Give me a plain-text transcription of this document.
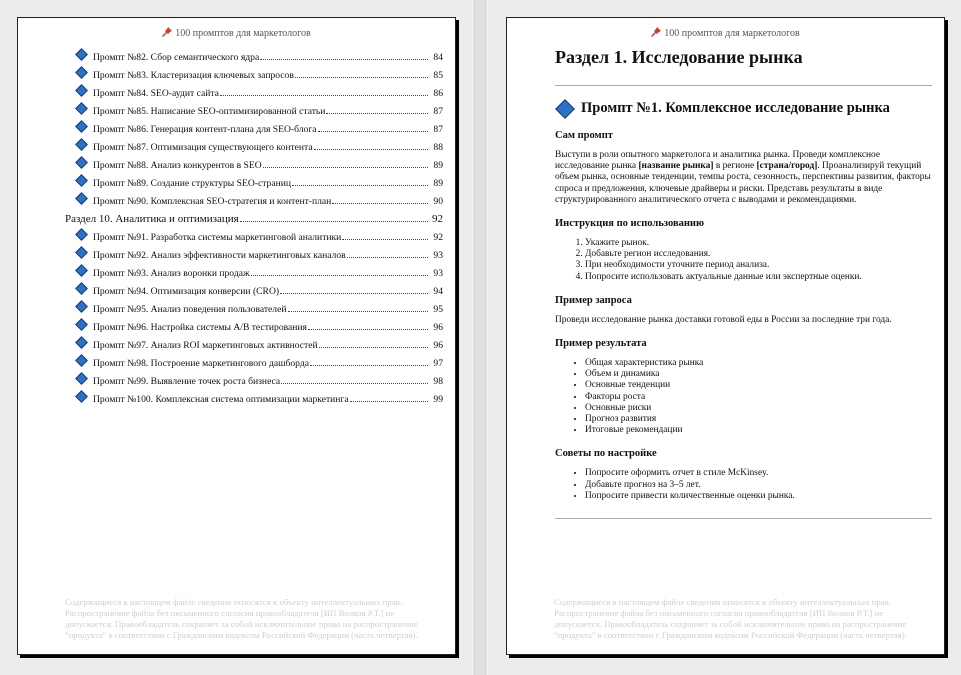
100 промптов для маркетологов
Промпт №82. Сбор семантического ядра	84
Промпт №83. Кластеризация ключевых запросов	85
Промпт №84. SEO-аудит сайта	86
Промпт №85. Написание SEO-оптимизированной статьи	87
Промпт №86. Генерация контент-плана для SEO-блога	87
Промпт №87. Оптимизация существующего контента	88
Промпт №88. Анализ конкурентов в SEO	89
Промпт №89. Создание структуры SEO-страниц	89
Промпт №90. Комплексная SEO-стратегия и контент-план	90
Раздел 10. Аналитика и оптимизация	92
Промпт №91. Разработка системы маркетинговой аналитики	92
Промпт №92. Анализ эффективности маркетинговых каналов	93
Промпт №93. Анализ воронки продаж	93
Промпт №94. Оптимизация конверсии (CRO)	94
Промпт №95. Анализ поведения пользователей	95
Промпт №96. Настройка системы A/B тестирования	96
Промпт №97. Анализ ROI маркетинговых активностей	96
Промпт №98. Построение маркетингового дашборда	97
Промпт №99. Выявление точек роста бизнеса	98
Промпт №100. Комплексная система оптимизации маркетинга	99
Содержащиеся в настоящем файле сведения относятся к объекту интеллектуальных прав. Распространение файла без письменного согласия правообладателя [ИП Волков Р.Т.] не допускается. Правообладатель сохраняет за собой исключительное право на распространение "продукта" в соответствии с Гражданским кодексом Российской Федерации (часть четвертая).
100 промптов для маркетологов
Раздел 1. Исследование рынка
Промпт №1. Комплексное исследование рынка
Сам промпт
Выступи в роли опытного маркетолога и аналитика рынка. Проведи комплексное исследование рынка [название рынка] в регионе [страна/город]. Проанализируй текущий объем рынка, основные тенденции, темпы роста, сезонность, перспективы развития, факторы спроса и предложения, ключевые драйверы и риски. Представь результаты в виде структурированного аналитического отчета с выводами и рекомендациями.
Инструкция по использованию
1. Укажите рынок.
2. Добавьте регион исследования.
3. При необходимости уточните период анализа.
4. Попросите использовать актуальные данные или экспертные оценки.
Пример запроса
Проведи исследование рынка доставки готовой еды в России за последние три года.
Пример результата
• Общая характеристика рынка
• Объем и динамика
• Основные тенденции
• Факторы роста
• Основные риски
• Прогноз развития
• Итоговые рекомендации
Советы по настройке
• Попросите оформить отчет в стиле McKinsey.
• Добавьте прогноз на 3–5 лет.
• Попросите привести количественные оценки рынка.
Содержащиеся в настоящем файле сведения относятся к объекту интеллектуальных прав. Распространение файла без письменного согласия правообладателя [ИП Волков Р.Т.] не допускается. Правообладатель сохраняет за собой исключительное право на распространение "продукта" в соответствии с Гражданским кодексом Российской Федерации (часть четвертая).
